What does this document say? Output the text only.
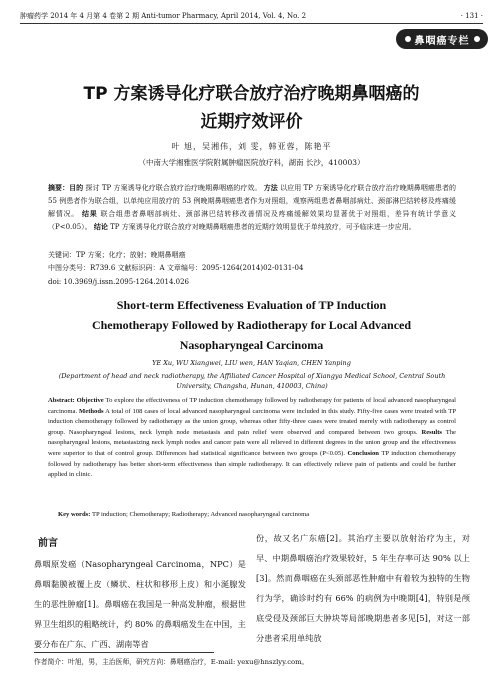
肿瘤药学 2014 年 4 月第 4 卷第 2 期 Anti-tumor Pharmacy, April 2014, Vol. 4, No. 2	· 131 ·
鼻咽癌专栏
TP 方案诱导化疗联合放疗治疗晚期鼻咽癌的
近期疗效评价
叶 旭，吴湘伟，刘 雯，韩亚蓉，陈艳平
（中南大学湘雅医学院附属肿瘤医院放疗科，湖南 长沙，410003）
摘要：目的 探讨 TP 方案诱导化疗联合放疗治疗晚期鼻咽癌的疗效。 方法 以应用 TP 方案诱导化疗联合放疗治疗晚期鼻咽癌患者的 55 例患者作为联合组，以单纯应用放疗的 53 例晚期鼻咽癌患者作为对照组，观察两组患者鼻咽部病灶、颈部淋巴结转移及疼痛缓解情况。 结果 联合组患者鼻咽部病灶、颈部淋巴结转移改善情况及疼痛缓解效果均显著优于对照组，差异有统计学意义（P<0.05）。 结论 TP 方案诱导化疗联合放疗对晚期鼻咽癌患者的近期疗效明显优于单纯放疗，可予临床进一步应用。
关键词：TP 方案；化疗；放射；晚期鼻咽癌
中图分类号：R739.6 文献标识码：A 文章编号：2095-1264(2014)02-0131-04
doi: 10.3969/j.issn.2095-1264.2014.026
Short-term Effectiveness Evaluation of TP Induction
Chemotherapy Followed by Radiotherapy for Local Advanced
Nasopharyngeal Carcinoma
YE Xu, WU Xiangwei, LIU wen, HAN Yaqian, CHEN Yanping
(Department of head and neck radiotherapy, the Affiliated Cancer Hospital of Xiangya Medical School, Central South University, Changsha, Hunan, 410003, China)
Abstract: Objective To explore the effectiveness of TP induction chemotherapy followed by radiotherapy for patients of local advanced nasopharyngeal carcinoma. Methods A total of 108 cases of local advanced nasopharyngeal carcinoma were included in this study. Fifty-five cases were treated with TP induction chemotherapy followed by radiotherapy as the union group, whereas other fifty-three cases were treated merely with radiotherapy as control group. Nasopharyngeal lesions, neck lymph node metastasis and pain relief were observed and compared between two groups. Results The nasopharyngeal lesions, metastasizing neck lymph nodes and cancer pain were all relieved in different degrees in the union group and the effectiveness were superior to that of control group. Differences had statistical significance between two groups (P<0.05). Conclusion TP induction chemotherapy followed by radiotherapy has better short-term effectiveness than simple radiotherapy. It can effectively relieve pain of patients and could be further applied in clinic.
Key words: TP induction; Chemotherapy; Radiotherapy; Advanced nasopharyngeal carcinoma
前言
鼻咽原发癌（Nasopharyngeal Carcinoma，NPC）是鼻咽黏膜被覆上皮（鳞状、柱状和移形上皮）和小涎腺发生的恶性肿瘤[1]。鼻咽癌在我国是一种高发肿瘤，根据世界卫生组织的粗略统计，约 80% 的鼻咽癌发生在中国，主要分布在广东、广西、湖南等省
份，故又名广东癌[2]。其治疗主要以放射治疗为主，对早、中期鼻咽癌治疗效果较好，5 年生存率可达 90% 以上[3]。然而鼻咽癌在头颈部恶性肿瘤中有着较为独特的生物行为学，确诊时约有 66% 的病例为中晚期[4]，特别是颅底受侵及颈部巨大肿块等局部晚期患者多见[5]，对这一部分患者采用单纯放
作者简介：叶旭，男，主治医师，研究方向：鼻咽癌治疗，E-mail: yexu@hnszlyy.com。
